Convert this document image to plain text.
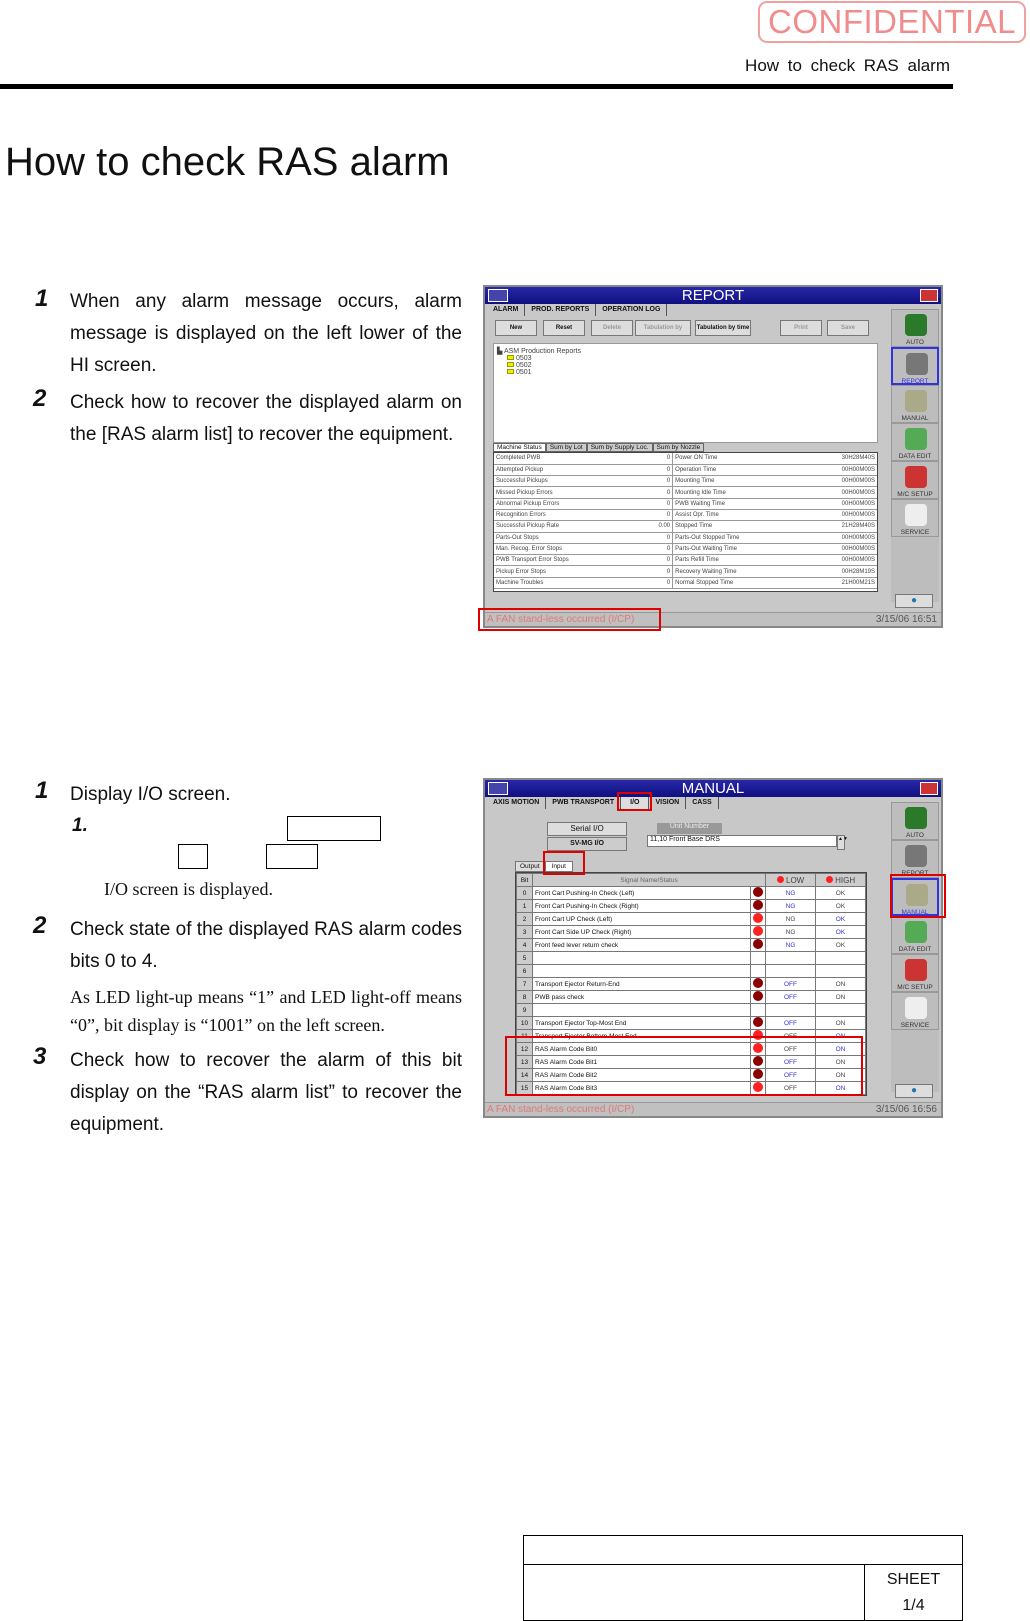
CONFIDENTIAL
How to check RAS alarm
How to check RAS alarm
1	When any alarm message occurs, alarm message is displayed on the left lower of the HI screen.
2	Check how to recover the displayed alarm on the [RAS alarm list] to recover the equipment.
REPORT
ALARM	PROD. REPORTS	OPERATION LOG
New	Reset	Delete	Tabulation by	Tabulation by time	Print	Save
▙ ASM Production Reports
0503
0502
0501
Machine Status	Sum by Lot	Sum by Supply Loc.	Sum by Nozzle
Completed PWB	0	Power ON Time	30H28M40S
Attempted Pickup	0	Operation Time	00H00M00S
Successful Pickups	0	Mounting Time	00H00M00S
Missed Pickup Errors	0	Mounting Idle Time	00H00M00S
Abnormal Pickup Errors	0	PWB Waiting Time	00H00M00S
Recognition Errors	0	Assist Opr. Time	00H00M00S
Successful Pickup Rate	0.00	Stopped Time	21H28M40S
Parts-Out Stops	0	Parts-Out Stopped Time	00H00M00S
Man. Recog. Error Stops	0	Parts-Out Waiting Time	00H00M00S
PWB Transport Error Stops	0	Parts Refill Time	00H00M00S
Pickup Error Stops	0	Recovery Waiting Time	00H28M19S
Machine Troubles	0	Normal Stopped Time	21H00M21S
AUTO
REPORT
MANUAL
DATA EDIT
M/C SETUP
SERVICE
●
A FAN stand-less occurred (I/CP)	3/15/06 16:51
1	Display I/O screen.
1.
I/O screen is displayed.
2	Check state of the displayed RAS alarm codes bits 0 to 4.
As LED light-up means “1” and LED light-off means “0”, bit display is “1001” on the left screen.
3	Check how to recover the alarm of this bit display on the “RAS alarm list” to recover the equipment.
MANUAL
AXIS MOTION	PWB TRANSPORT	I/O	VISION	CASS
Serial I/O
SV-MG I/O
Unit Number
11,10 Front Base DRS	▲▼
Output	Input
Bit	Signal Name/Status		LOW	HIGH
0	Front Cart Pushing-In Check (Left)		NG	OK
1	Front Cart Pushing-In Check (Right)		NG	OK
2	Front Cart UP Check (Left)		NG	OK
3	Front Cart Side UP Check (Right)		NG	OK
4	Front feed lever return check		NG	OK
5				
6				
7	Transport Ejector Return-End		OFF	ON
8	PWB pass check		OFF	ON
9				
10	Transport Ejector Top-Most End		OFF	ON
11	Transport Ejector Bottom-Most End		OFF	ON
12	RAS Alarm Code Bit0		OFF	ON
13	RAS Alarm Code Bit1		OFF	ON
14	RAS Alarm Code Bit2		OFF	ON
15	RAS Alarm Code Bit3		OFF	ON
AUTO
REPORT
MANUAL
DATA EDIT
M/C SETUP
SERVICE
●
A FAN stand-less occurred (I/CP)	3/15/06 16:56
SHEET
1/4
